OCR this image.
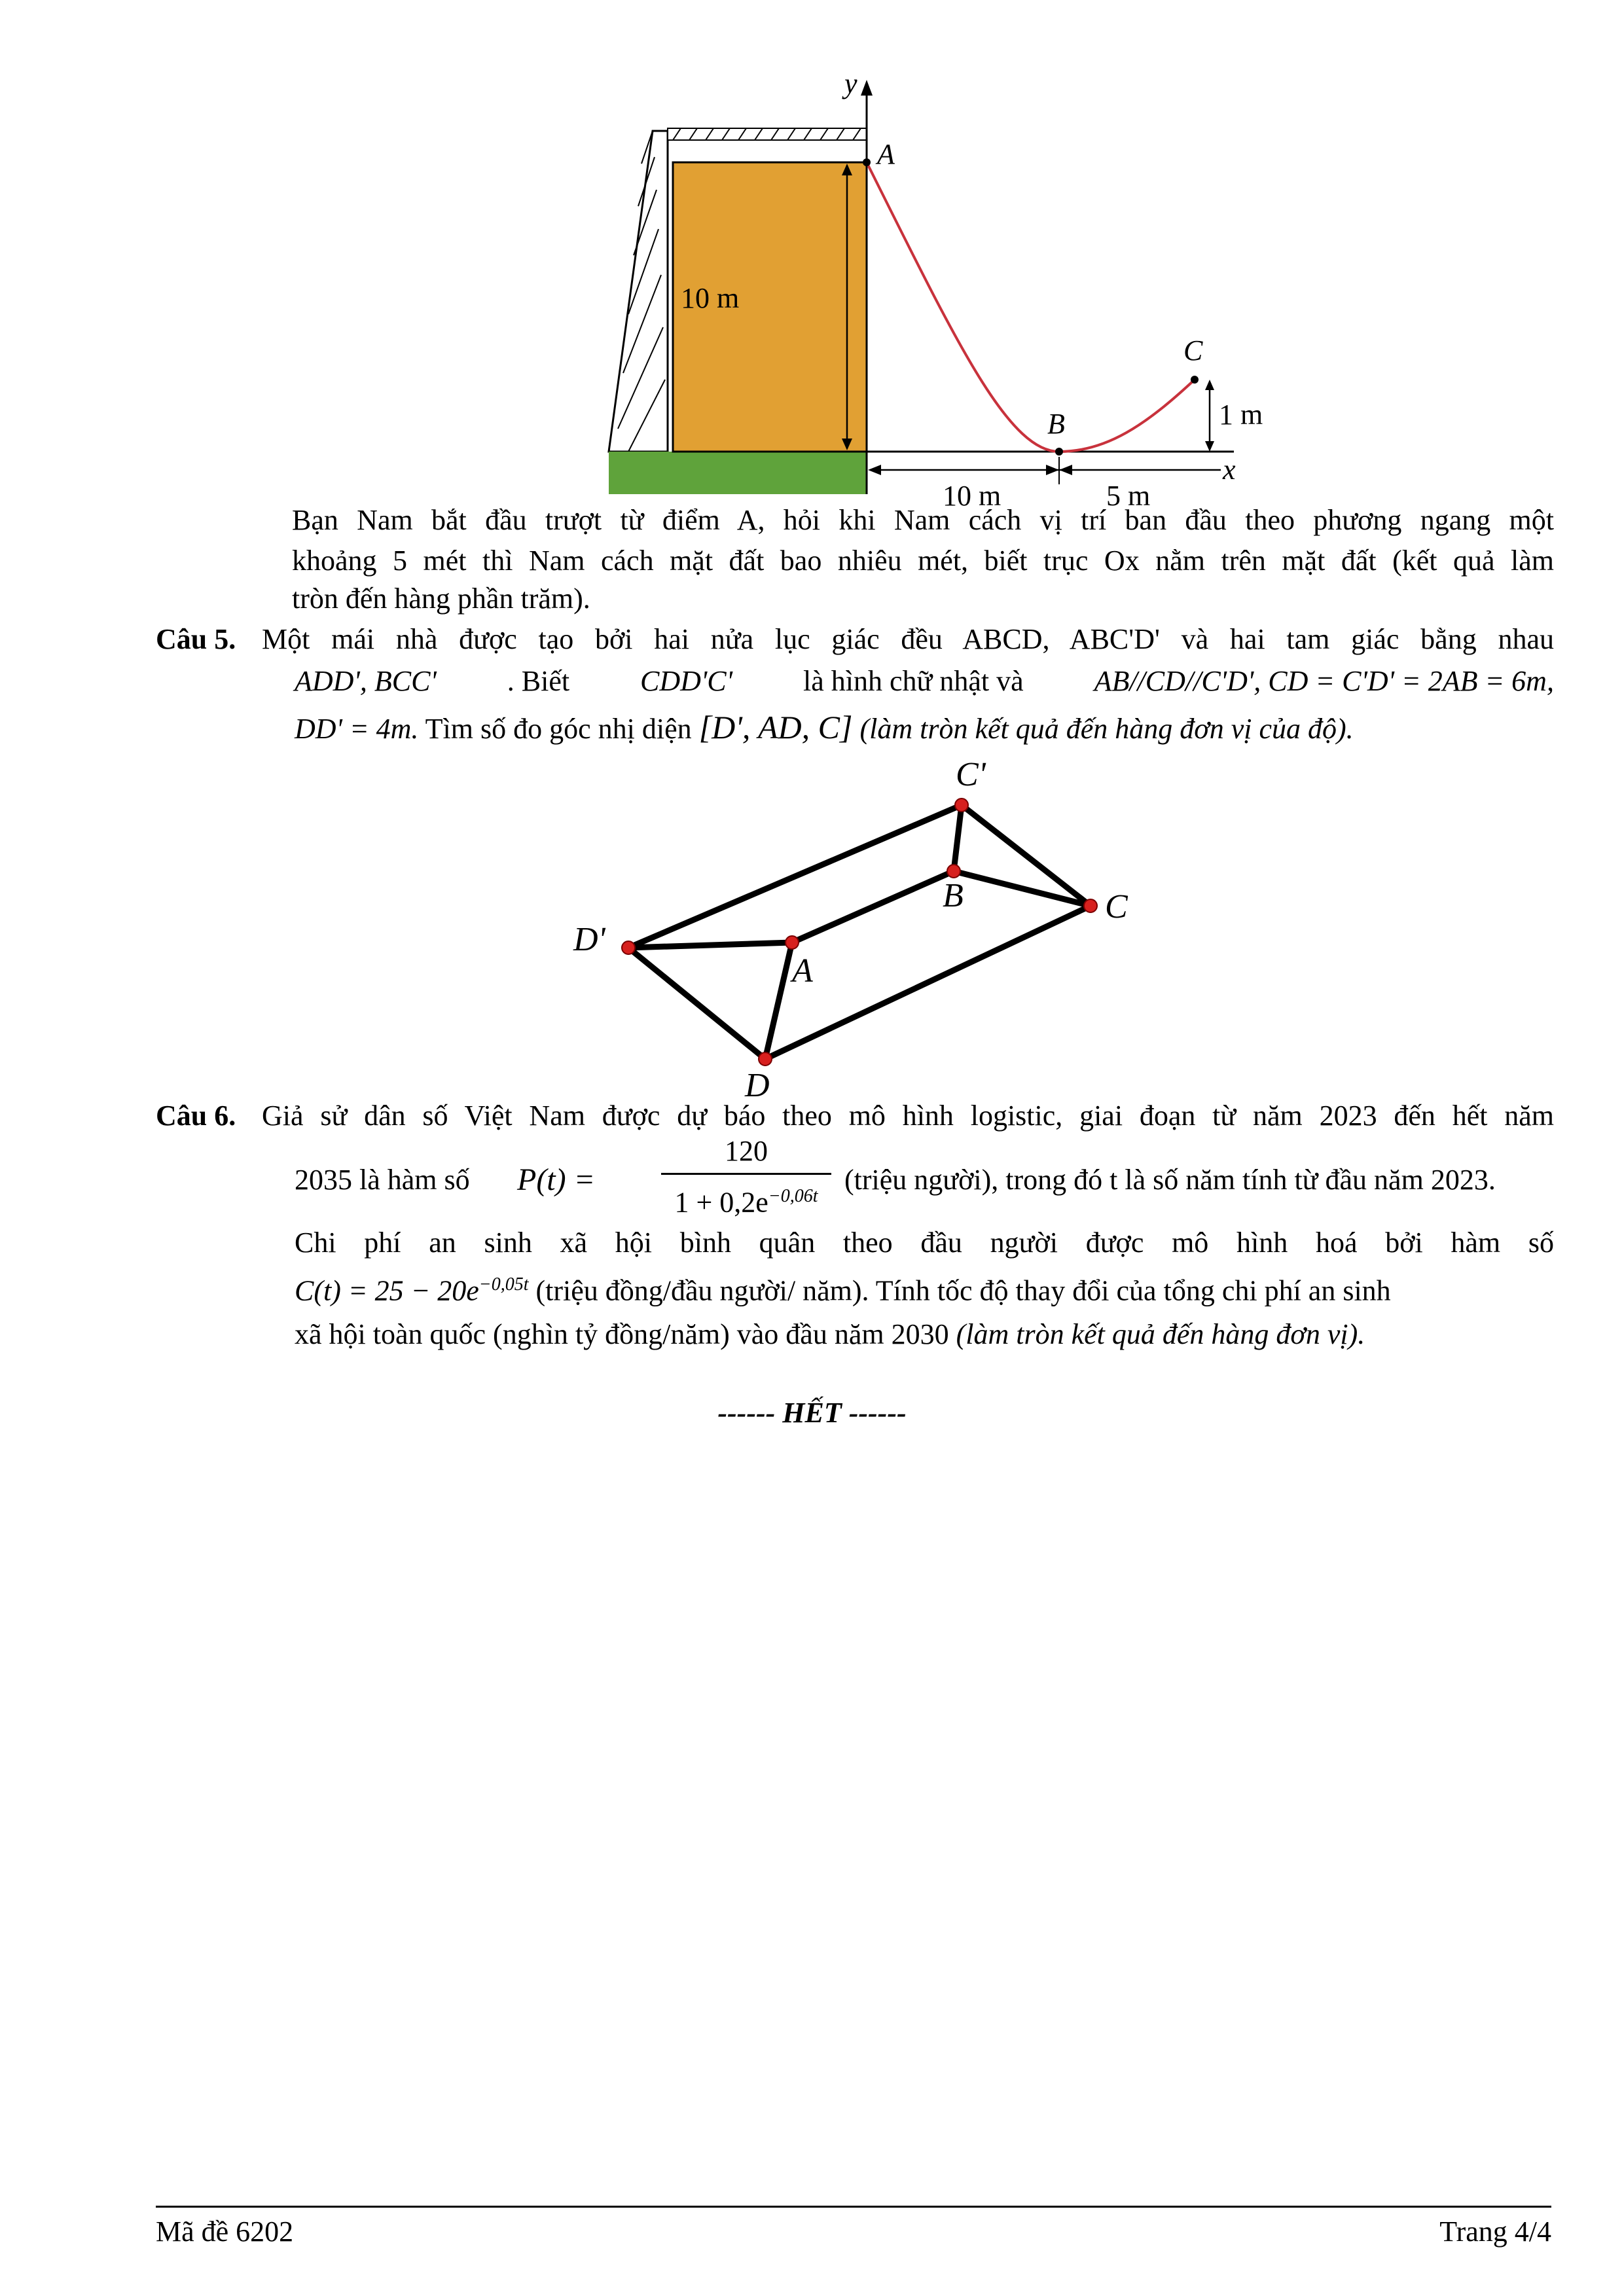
10 m
y
x
10 m	5 m
A
B
C
1 m
Bạn Nam bắt đầu trượt từ điểm A, hỏi khi Nam cách vị trí ban đầu theo phương ngang một
khoảng 5 mét thì Nam cách mặt đất bao nhiêu mét, biết trục Ox nằm trên mặt đất (kết quả làm
tròn đến hàng phần trăm).
Câu 5. Một mái nhà được tạo bởi hai nửa lục giác đều ABCD, ABC'D' và hai tam giác bằng nhau
ADD', BCC' . Biết CDD'C' là hình chữ nhật và AB//CD//C'D', CD = C'D' = 2AB = 6m,
DD' = 4m. Tìm số đo góc nhị diện [D', AD, C] (làm tròn kết quả đến hàng đơn vị của độ).
C'
B	C
D'
A
D
Câu 6. Giả sử dân số Việt Nam được dự báo theo mô hình logistic, giai đoạn từ năm 2023 đến hết năm
2035 là hàm số P(t) =
120
$1 + 0,2e^{-0,06t}$
(triệu người), trong đó t là số năm tính từ đầu năm 2023.
Chi phí an sinh xã hội bình quân theo đầu người được mô hình hoá bởi hàm số
$C(t) = 25 - 20e^{-0,05t}$ (triệu đồng/đầu người/ năm). Tính tốc độ thay đổi của tổng chi phí an sinh
xã hội toàn quốc (nghìn tỷ đồng/năm) vào đầu năm 2030 (làm tròn kết quả đến hàng đơn vị).
------ HẾT ------
Mã đề 6202	Trang 4/4
